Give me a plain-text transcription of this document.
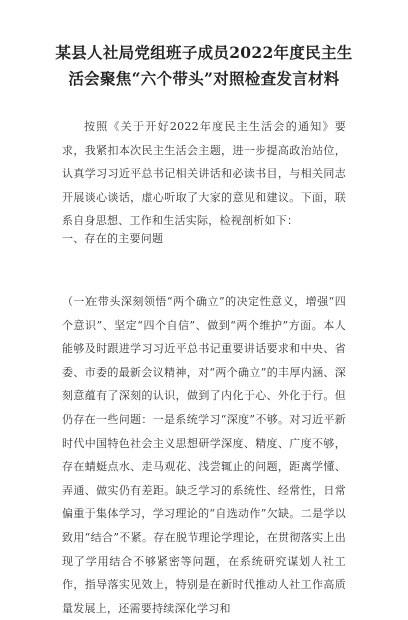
某县人社局党组班子成员2022年度民主生活会聚焦“六个带头”对照检查发言材料

按照《关于开好2022年度民主生活会的通知》要求，我紧扣本次民主生活会主题，进一步提高政治站位，认真学习习近平总书记相关讲话和必读书目，与相关同志开展谈心谈话，虚心听取了大家的意见和建议。下面，联系自身思想、工作和生活实际，检视剖析如下：

一、存在的主要问题

（一）在带头深刻领悟“两个确立”的决定性意义，增强“四个意识”、坚定“四个自信”、做到“两个维护”方面。本人能够及时跟进学习习近平总书记重要讲话要求和中央、省委、市委的最新会议精神，对“两个确立”的丰厚内涵、深刻意蕴有了深刻的认识，做到了内化于心、外化于行。但仍存在一些问题：一是系统学习“深度”不够。对习近平新时代中国特色社会主义思想研学深度、精度、广度不够，存在蜻蜓点水、走马观花、浅尝辄止的问题，距离学懂、弄通、做实仍有差距。缺乏学习的系统性、经常性，日常偏重于集体学习，学习理论的“自选动作”欠缺。二是学以致用“结合”不紧。存在脱节理论学理论，在贯彻落实上出现了学用结合不够紧密等问题，在系统研究谋划人社工作，指导落实见效上，特别是在新时代推动人社工作高质量发展上，还需要持续深化学习和
